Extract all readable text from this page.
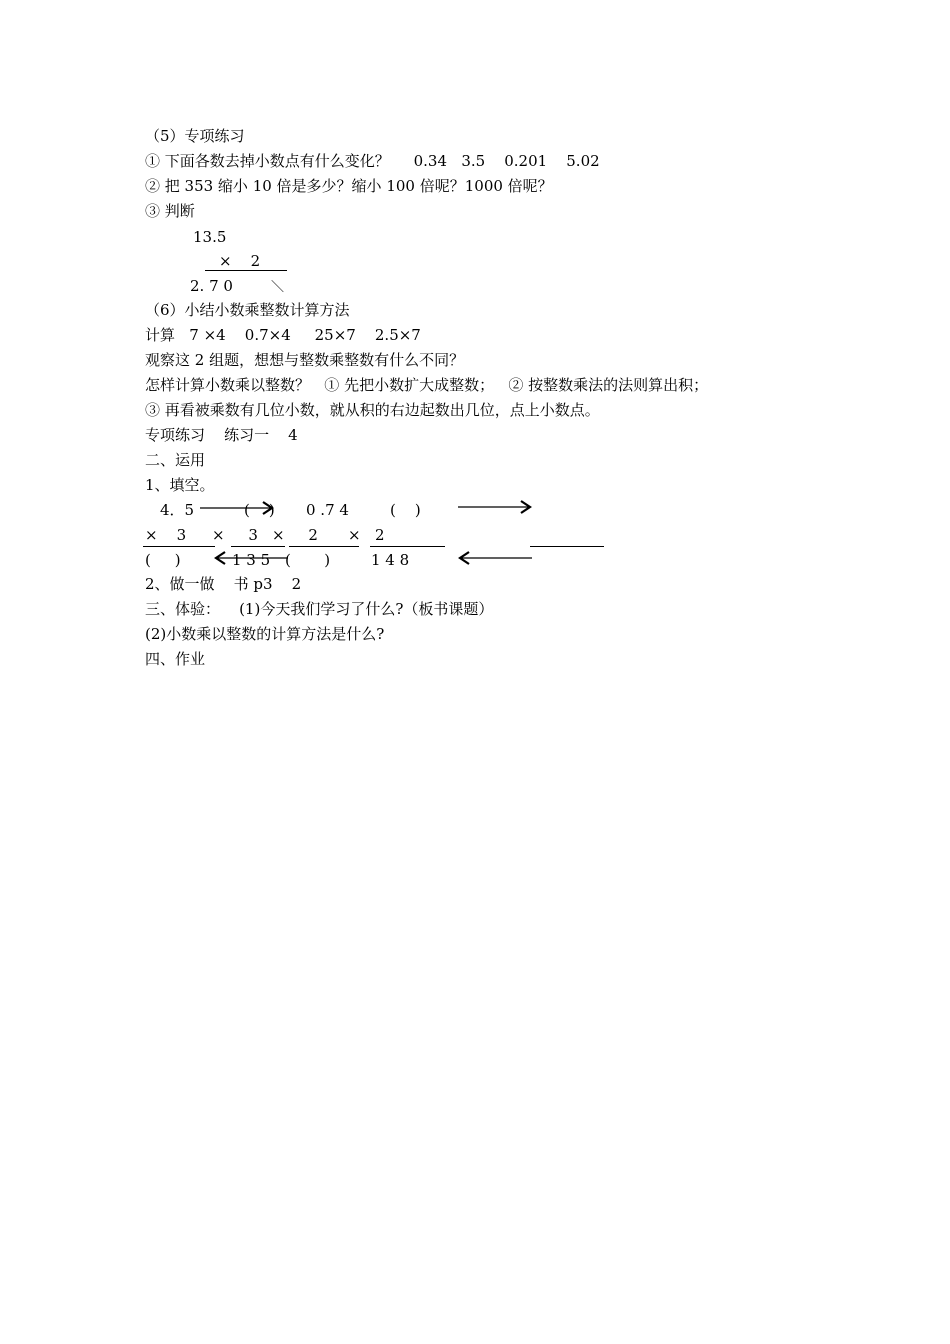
（5）专项练习
① 下面各数去掉小数点有什么变化？     0.34   3.5    0.201    5.02
② 把 353 缩小 10 倍是多少？缩小 100 倍呢？1000 倍呢？
③ 判断
13.5
×    2
2. 7 0	＼
（6）小结小数乘整数计算方法
计算   7 ×4    0.7×4     25×7    2.5×7
观察这 2 组题，想想与整数乘整数有什么不同？
怎样计算小数乘以整数？   ① 先把小数扩大成整数；   ② 按整数乘法的法则算出积；
③ 再看被乘数有几位小数，就从积的右边起数出几位，点上小数点。
专项练习    练习一    4
二、运用
1、填空。
4．5	(    ) 0 .7 4	(    )
×    3 ×     3 ×     2 × 2
(     )	1 3 5 (       )	1 4 8
2、做一做    书 p3    2
三、体验：    (1)今天我们学习了什么?（板书课题）
(2)小数乘以整数的计算方法是什么?
四、作业
